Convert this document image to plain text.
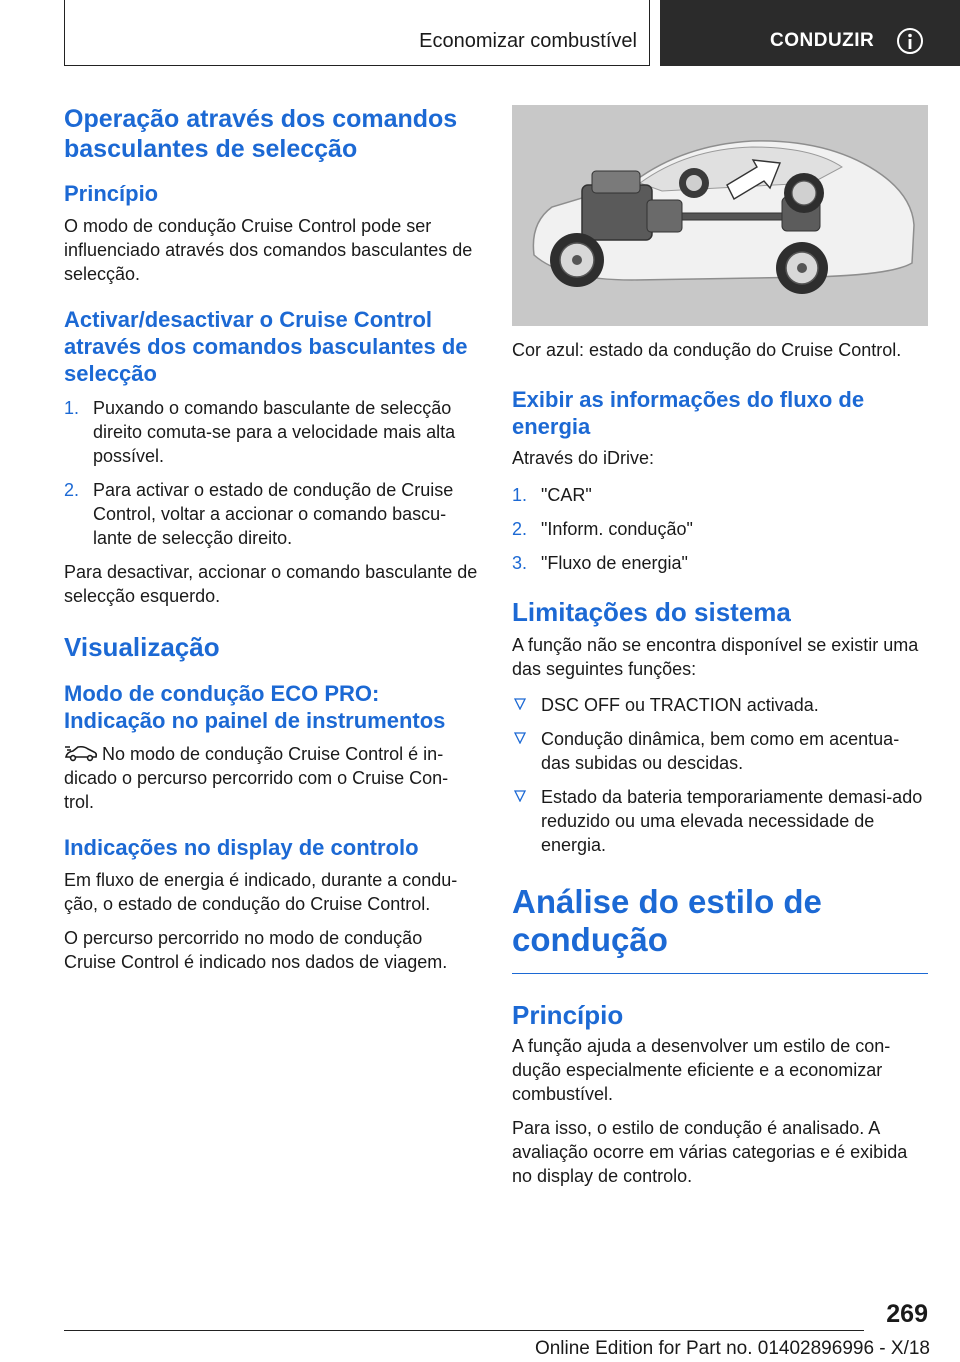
Economizar combustível	CONDUZIR
Operação através dos comandos basculantes de selecção
Princípio

O modo de condução Cruise Control pode ser influenciado através dos comandos basculantes de selecção.

Activar/desactivar o Cruise Control através dos comandos basculantes de selecção
1. Puxando o comando basculante de selecção direito comuta-se para a velocidade mais alta possível.
2. Para activar o estado de condução de Cruise Control, voltar a accionar o comando bascu-lante de selecção direito.

Para desactivar, accionar o comando basculante de selecção esquerdo.

Visualização
Modo de condução ECO PRO: Indicação no painel de instrumentos

No modo de condução Cruise Control é in-dicado o percurso percorrido com o Cruise Con-trol.

Indicações no display de controlo

Em fluxo de energia é indicado, durante a condu-ção, o estado de condução do Cruise Control.

O percurso percorrido no modo de condução Cruise Control é indicado nos dados de viagem.

Cor azul: estado da condução do Cruise Control.

Exibir as informações do fluxo de energia

Através do iDrive:

1. "CAR"
2. "Inform. condução"
3. "Fluxo de energia"
Limitações do sistema

A função não se encontra disponível se existir uma das seguintes funções:

DSC OFF ou TRACTION activada.
Condução dinâmica, bem como em acentua-das subidas ou descidas.
Estado da bateria temporariamente demasi-ado reduzido ou uma elevada necessidade de energia.
Análise do estilo de condução
Princípio

A função ajuda a desenvolver um estilo de con-dução especialmente eficiente e a economizar combustível.

Para isso, o estilo de condução é analisado. A avaliação ocorre em várias categorias e é exibida no display de controlo.

269
Online Edition for Part no. 01402896996 - X/18
